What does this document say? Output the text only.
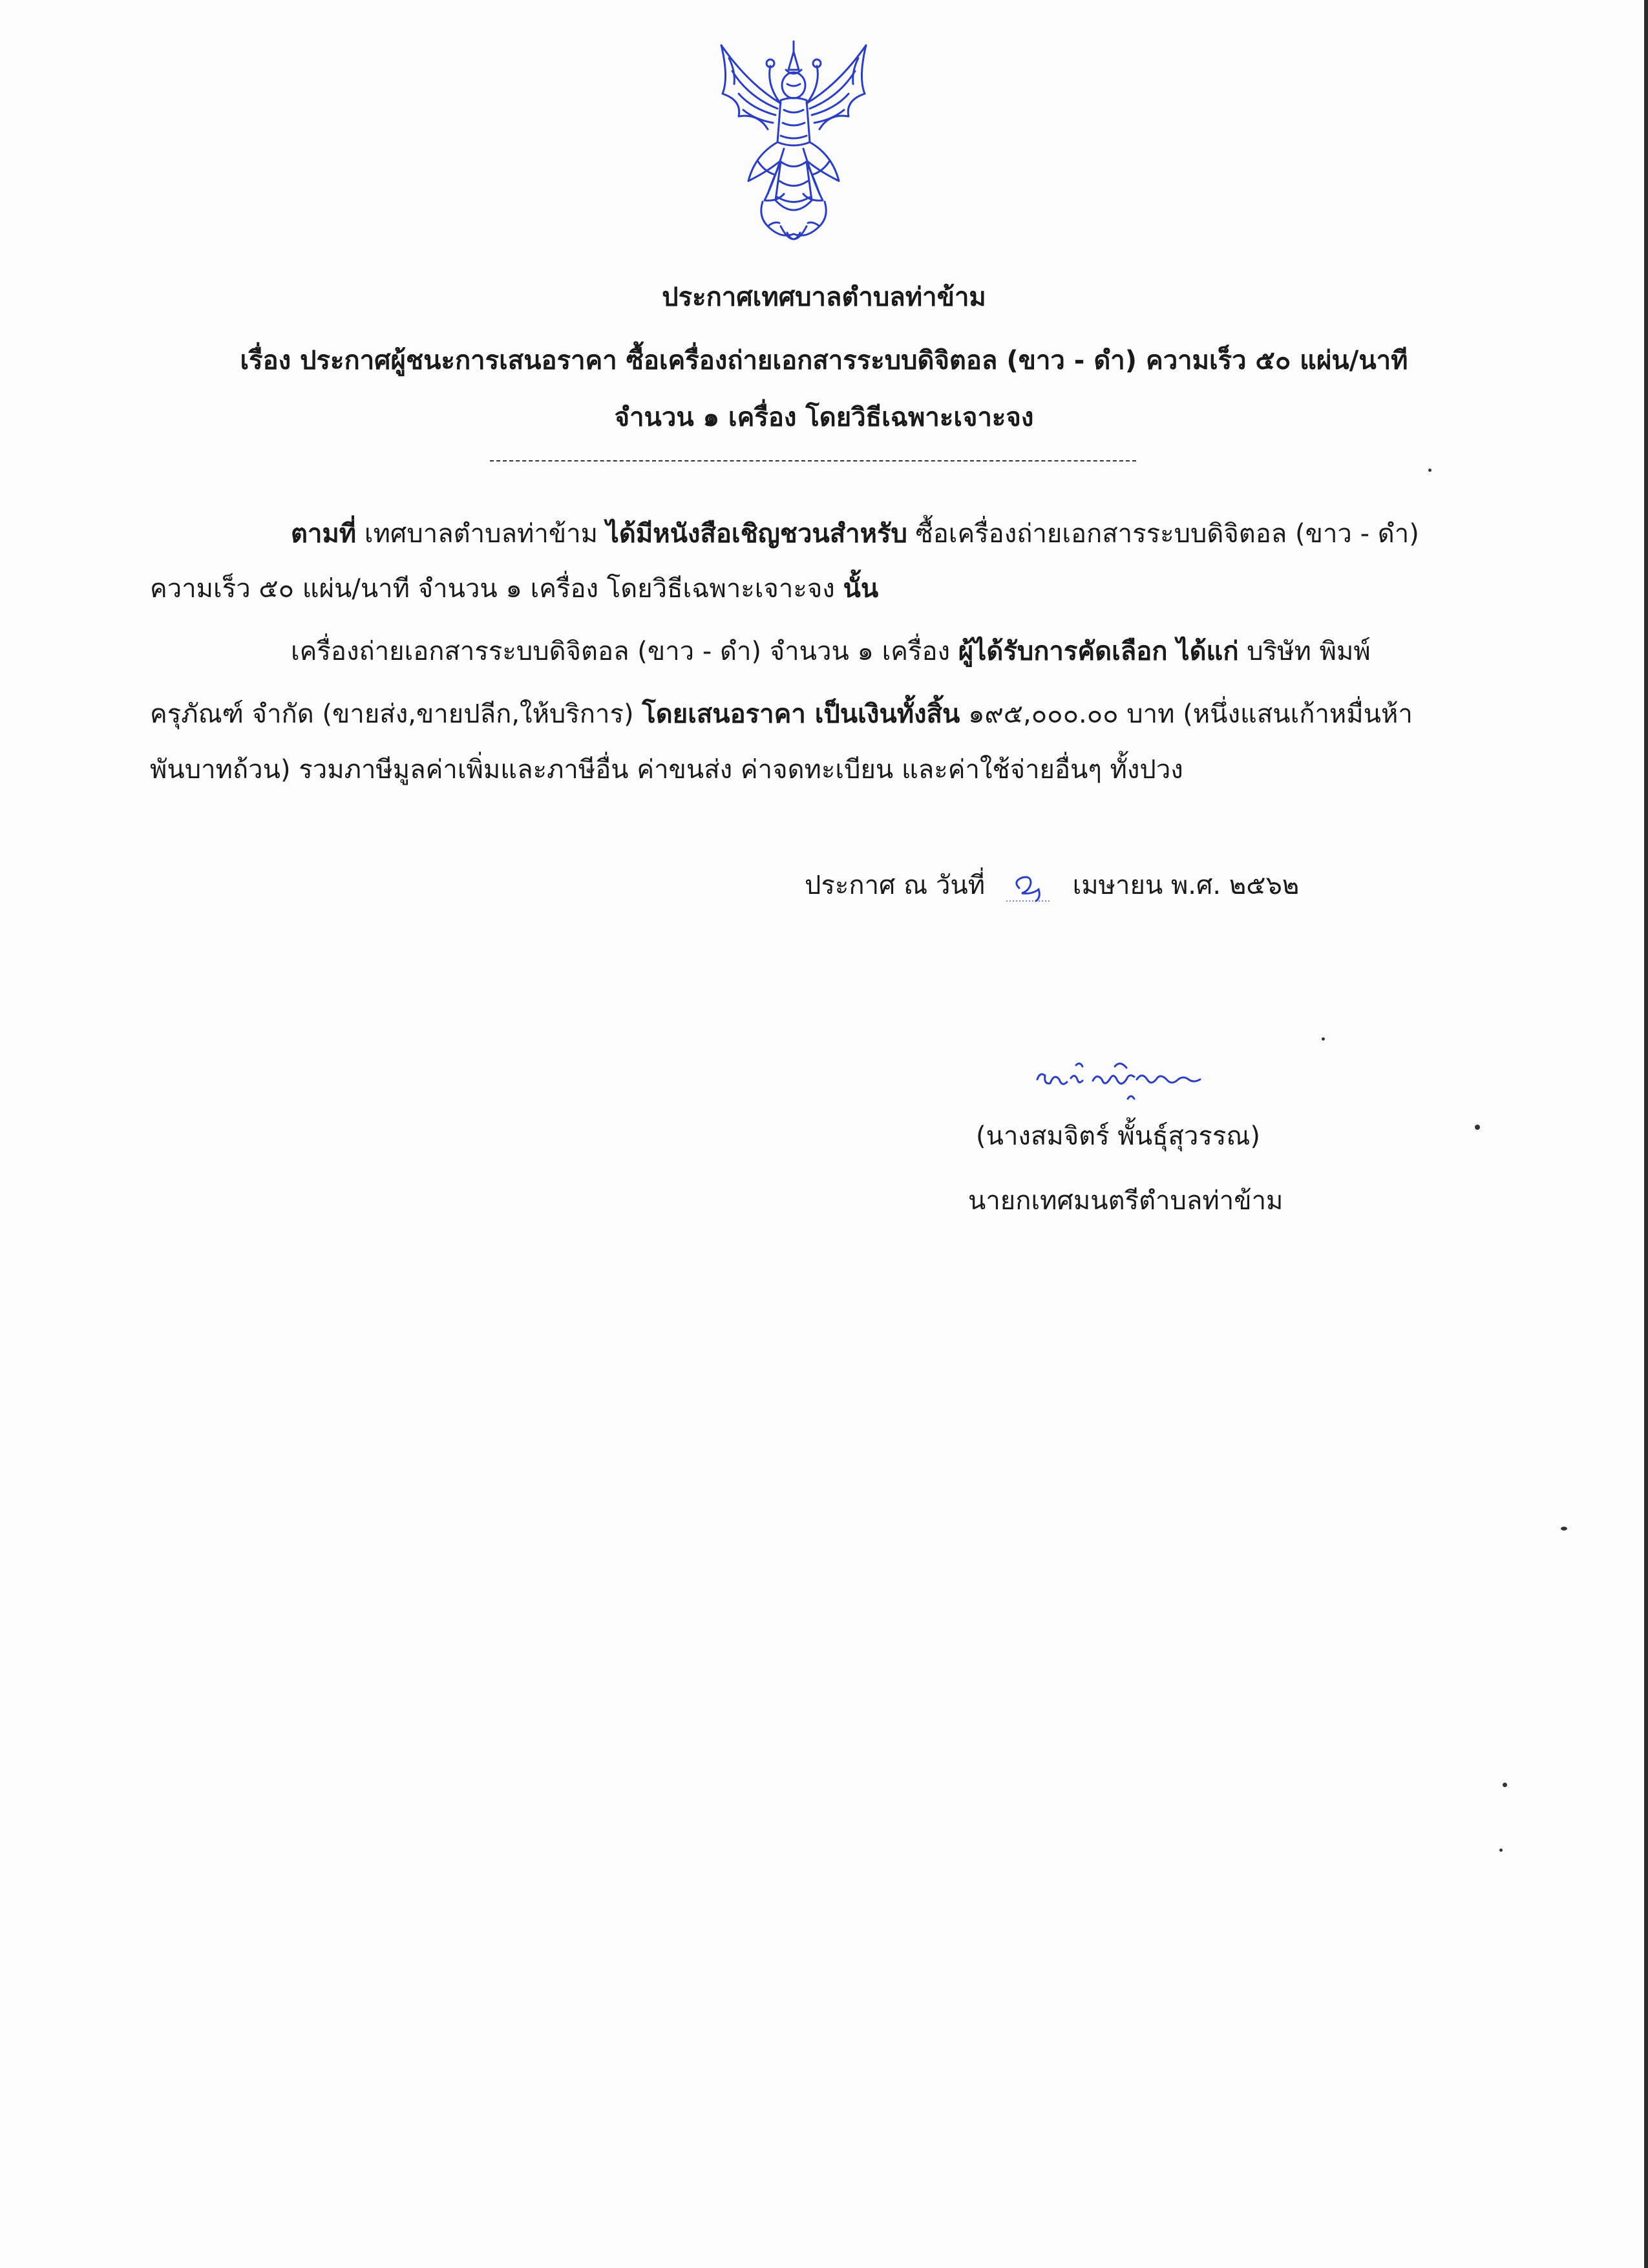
ประกาศเทศบาลตำบลท่าข้าม
เรื่อง ประกาศผู้ชนะการเสนอราคา ซื้อเครื่องถ่ายเอกสารระบบดิจิตอล (ขาว - ดำ) ความเร็ว ๕๐ แผ่น/นาที
จำนวน ๑ เครื่อง โดยวิธีเฉพาะเจาะจง
ตามที่ เทศบาลตำบลท่าข้าม ได้มีหนังสือเชิญชวนสำหรับ ซื้อเครื่องถ่ายเอกสารระบบดิจิตอล (ขาว - ดำ)
ความเร็ว ๕๐ แผ่น/นาที จำนวน ๑ เครื่อง โดยวิธีเฉพาะเจาะจง นั้น
เครื่องถ่ายเอกสารระบบดิจิตอล (ขาว - ดำ) จำนวน ๑ เครื่อง ผู้ได้รับการคัดเลือก ได้แก่ บริษัท พิมพ์
ครุภัณฑ์ จำกัด (ขายส่ง,ขายปลีก,ให้บริการ) โดยเสนอราคา เป็นเงินทั้งสิ้น ๑๙๕,๐๐๐.๐๐ บาท (หนึ่งแสนเก้าหมื่นห้า
พันบาทถ้วน) รวมภาษีมูลค่าเพิ่มและภาษีอื่น ค่าขนส่ง ค่าจดทะเบียน และค่าใช้จ่ายอื่นๆ ทั้งปวง
ประกาศ ณ วันที่	เมษายน พ.ศ. ๒๕๖๒
(นางสมจิตร์ พั้นธุ์สุวรรณ)
นายกเทศมนตรีตำบลท่าข้าม
